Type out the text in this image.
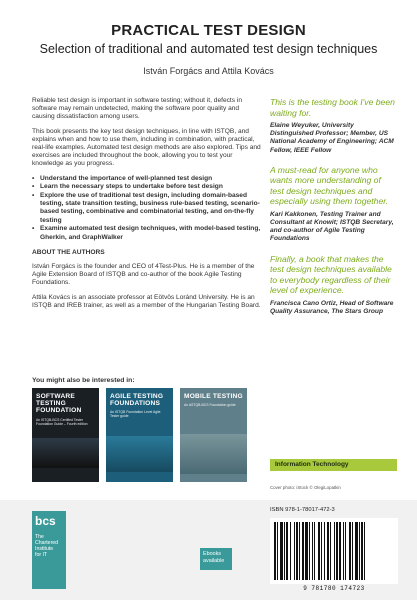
PRACTICAL TEST DESIGN
Selection of traditional and automated test design techniques
István Forgács and Attila Kovács

Reliable test design is important in software testing; without it, defects in software may remain undetected, making the software poor quality and causing dissatisfaction among users.

This book presents the key test design techniques, in line with ISTQB, and explains when and how to use them, including in combination, with practical, real-life examples. Automated test design methods are also explored. Tips and exercises are included throughout the book, allowing you to test your knowledge as you progress.

• Understand the importance of well-planned test design
• Learn the necessary steps to undertake before test design
• Explore the use of traditional test design, including domain-based testing, state transition testing, business rule-based testing, scenario-based testing, combinative and combinatorial testing, and on-the-fly testing
• Examine automated test design techniques, with model-based testing, Gherkin, and GraphWalker

ABOUT THE AUTHORS

István Forgács is the founder and CEO of 4Test-Plus. He is a member of the Agile Extension Board of ISTQB and co-author of the book Agile Testing Foundations.

Attila Kovács is an associate professor at Eötvös Loránd University. He is an ISTQB and IREB trainer, as well as a member of the Hungarian Testing Board.

This is the testing book I've been waiting for.

Elaine Weyuker, University Distinguished Professor; Member, US National Academy of Engineering; ACM Fellow, IEEE Fellow

A must-read for anyone who wants more understanding of test design techniques and especially using them together.

Kari Kakkonen, Testing Trainer and Consultant at Knowit; ISTQB Secretary, and co-author of Agile Testing Foundations

Finally, a book that makes the test design techniques available to everybody regardless of their level of experience.

Francisca Cano Ortiz, Head of Software Quality Assurance, The Stars Group

You might also be interested in:
SOFTWARE TESTING FOUNDATION
An ISTQB-BCS Certified Tester Foundation Guide – Fourth edition
AGILE TESTING FOUNDATIONS
An ISTQB Foundation Level Agile Tester guide
MOBILE TESTING
An ASTQB-BCS Foundation guide
Information Technology
Cover photo: iStock © OlegiLopatkin
bcs
The
Chartered
Institute
for IT	Ebooks
available
ISBN 978-1-78017-472-3
9 781780 174723
